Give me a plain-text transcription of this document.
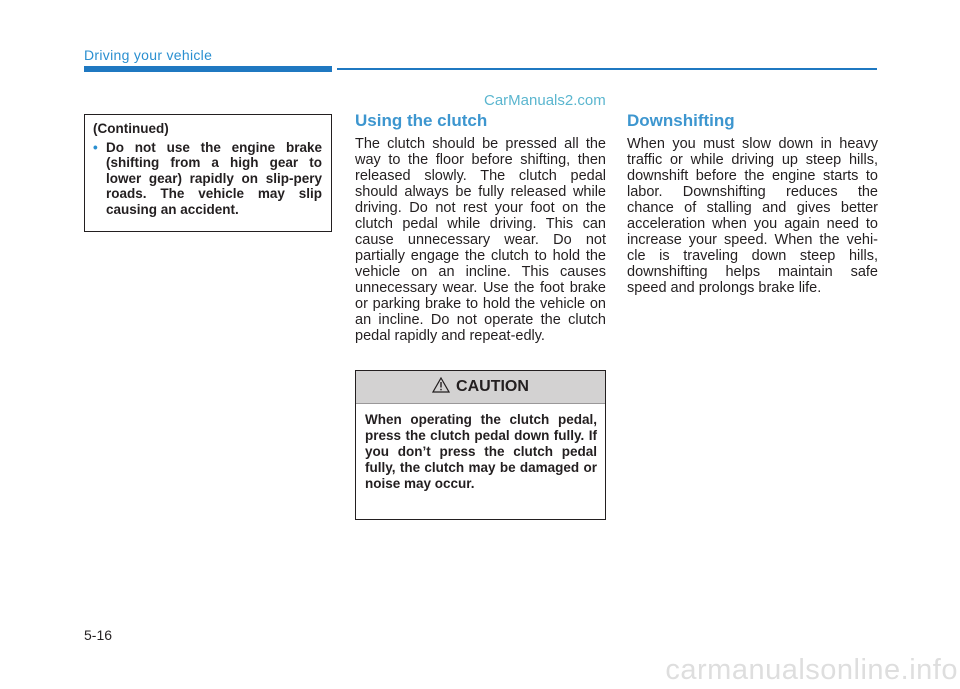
Driving your vehicle
CarManuals2.com
(Continued)
• Do not use the engine brake (shifting from a high gear to lower gear) rapidly on slip-pery roads. The vehicle may slip causing an accident.
Using the clutch

The clutch should be pressed all the way to the floor before shifting, then released slowly. The clutch pedal should always be fully released while driving. Do not rest your foot on the clutch pedal while driving. This can cause unnecessary wear. Do not partially engage the clutch to hold the vehicle on an incline. This causes unnecessary wear. Use the foot brake or parking brake to hold the vehicle on an incline. Do not operate the clutch pedal rapidly and repeat-edly.

CAUTION
When operating the clutch pedal, press the clutch pedal down fully. If you don’t press the clutch pedal fully, the clutch may be damaged or noise may occur.
Downshifting

When you must slow down in heavy traffic or while driving up steep hills, downshift before the engine starts to labor. Downshifting reduces the chance of stalling and gives better acceleration when you again need to increase your speed. When the vehi-cle is traveling down steep hills, downshifting helps maintain safe speed and prolongs brake life.

5-16
carmanualsonline.info
